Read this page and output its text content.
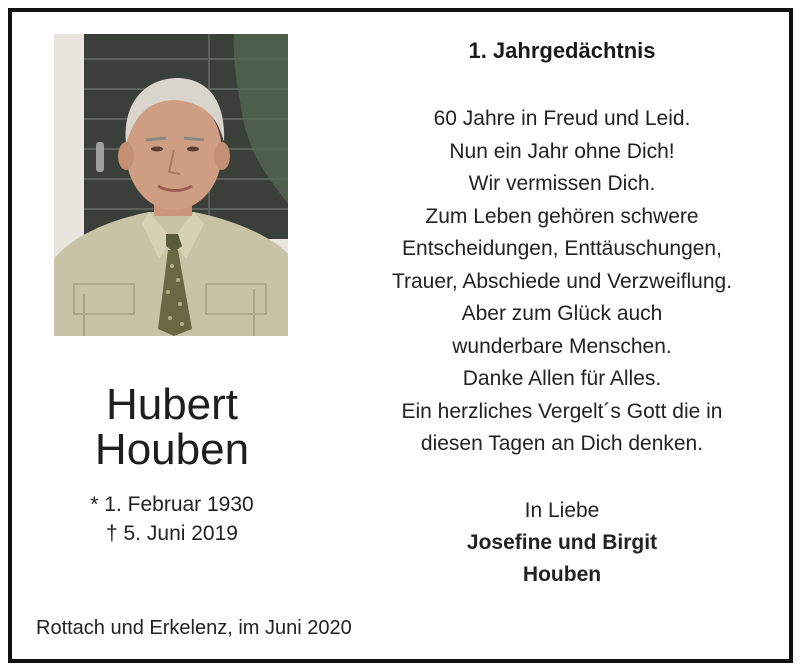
Hubert
Houben
* 1. Februar 1930
† 5. Juni 2019
1. Jahrgedächtnis
60 Jahre in Freud und Leid.
Nun ein Jahr ohne Dich!
Wir vermissen Dich.
Zum Leben gehören schwere
Entscheidungen, Enttäuschungen,
Trauer, Abschiede und Verzweiflung.
Aber zum Glück auch
wunderbare Menschen.
Danke Allen für Alles.
Ein herzliches Vergelt´s Gott die in
diesen Tagen an Dich denken.
In Liebe
Josefine und Birgit
Houben
Rottach und Erkelenz, im Juni 2020
